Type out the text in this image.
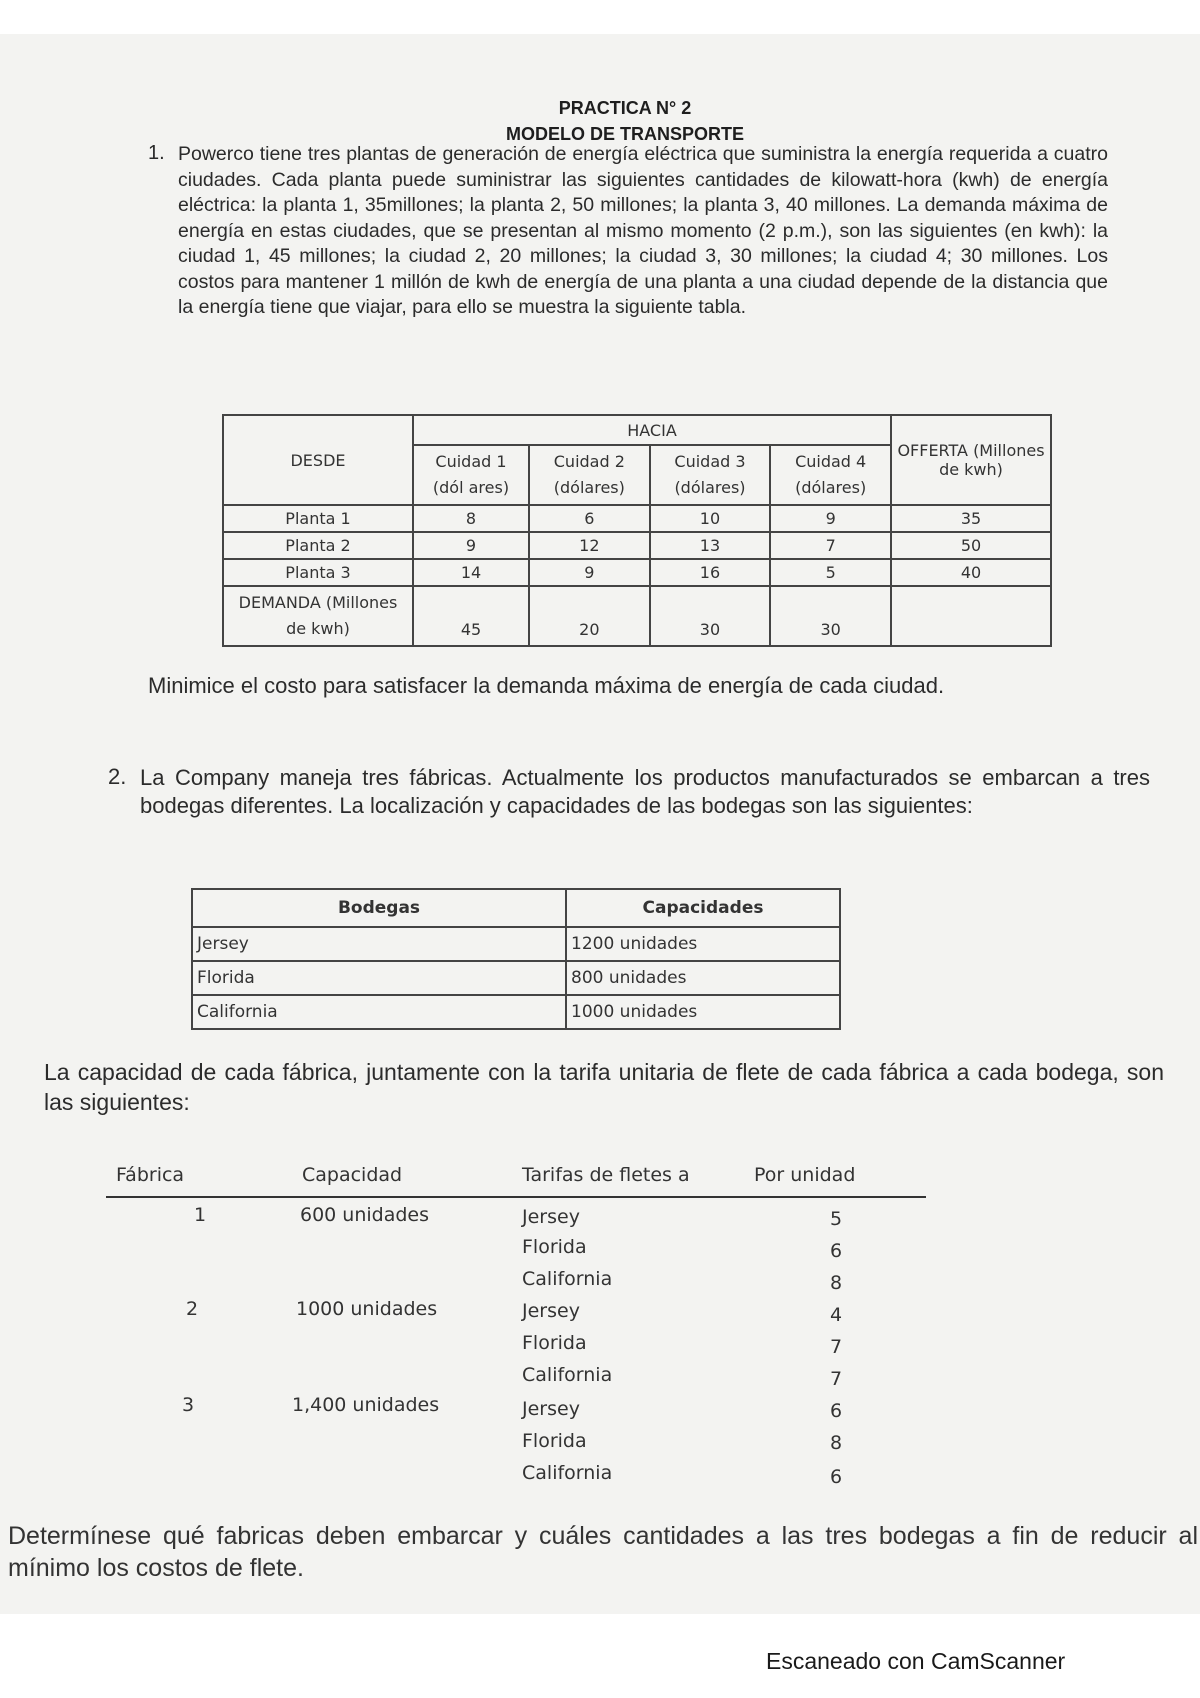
PRACTICA N° 2
MODELO DE TRANSPORTE
1. Powerco tiene tres plantas de generación de energía eléctrica que suministra la energía requerida a cuatro ciudades. Cada planta puede suministrar las siguientes cantidades de kilowatt-hora (kwh) de energía eléctrica: la planta 1, 35millones; la planta 2, 50 millones; la planta 3, 40 millones. La demanda máxima de energía en estas ciudades, que se presentan al mismo momento (2 p.m.), son las siguientes (en kwh): la ciudad 1, 45 millones; la ciudad 2, 20 millones; la ciudad 3, 30 millones; la ciudad 4; 30 millones. Los costos para mantener 1 millón de kwh de energía de una planta a una ciudad depende de la distancia que la energía tiene que viajar, para ello se muestra la siguiente tabla.
DESDE	HACIA				OFFERTA (Millones de kwh)
	Cuidad 1 (dól ares)	Cuidad 2 (dólares)	Cuidad 3 (dólares)	Cuidad 4 (dólares)	
Planta 1	8	6	10	9	35
Planta 2	9	12	13	7	50
Planta 3	14	9	16	5	40
DEMANDA (Millones de kwh)	45	20	30	30	
Minimice el costo para satisfacer la demanda máxima de energía de cada ciudad.
2. La Company maneja tres fábricas. Actualmente los productos manufacturados se embarcan a tres bodegas diferentes. La localización y capacidades de las bodegas son las siguientes:
Bodegas	Capacidades
Jersey	1200 unidades
Florida	800 unidades
California	1000 unidades
La capacidad de cada fábrica, juntamente con la tarifa unitaria de flete de cada fábrica a cada bodega, son las siguientes:
Fábrica	Capacidad	Tarifas de fletes a	Por unidad
1	600 unidades	Jersey	5
Florida	6
California	8
2	1000 unidades	Jersey	4
Florida	7
California	7
3	1,400 unidades	Jersey	6
Florida	8
California	6
Determínese qué fabricas deben embarcar y cuáles cantidades a las tres bodegas a fin de reducir al mínimo los costos de flete.
Escaneado con CamScanner
